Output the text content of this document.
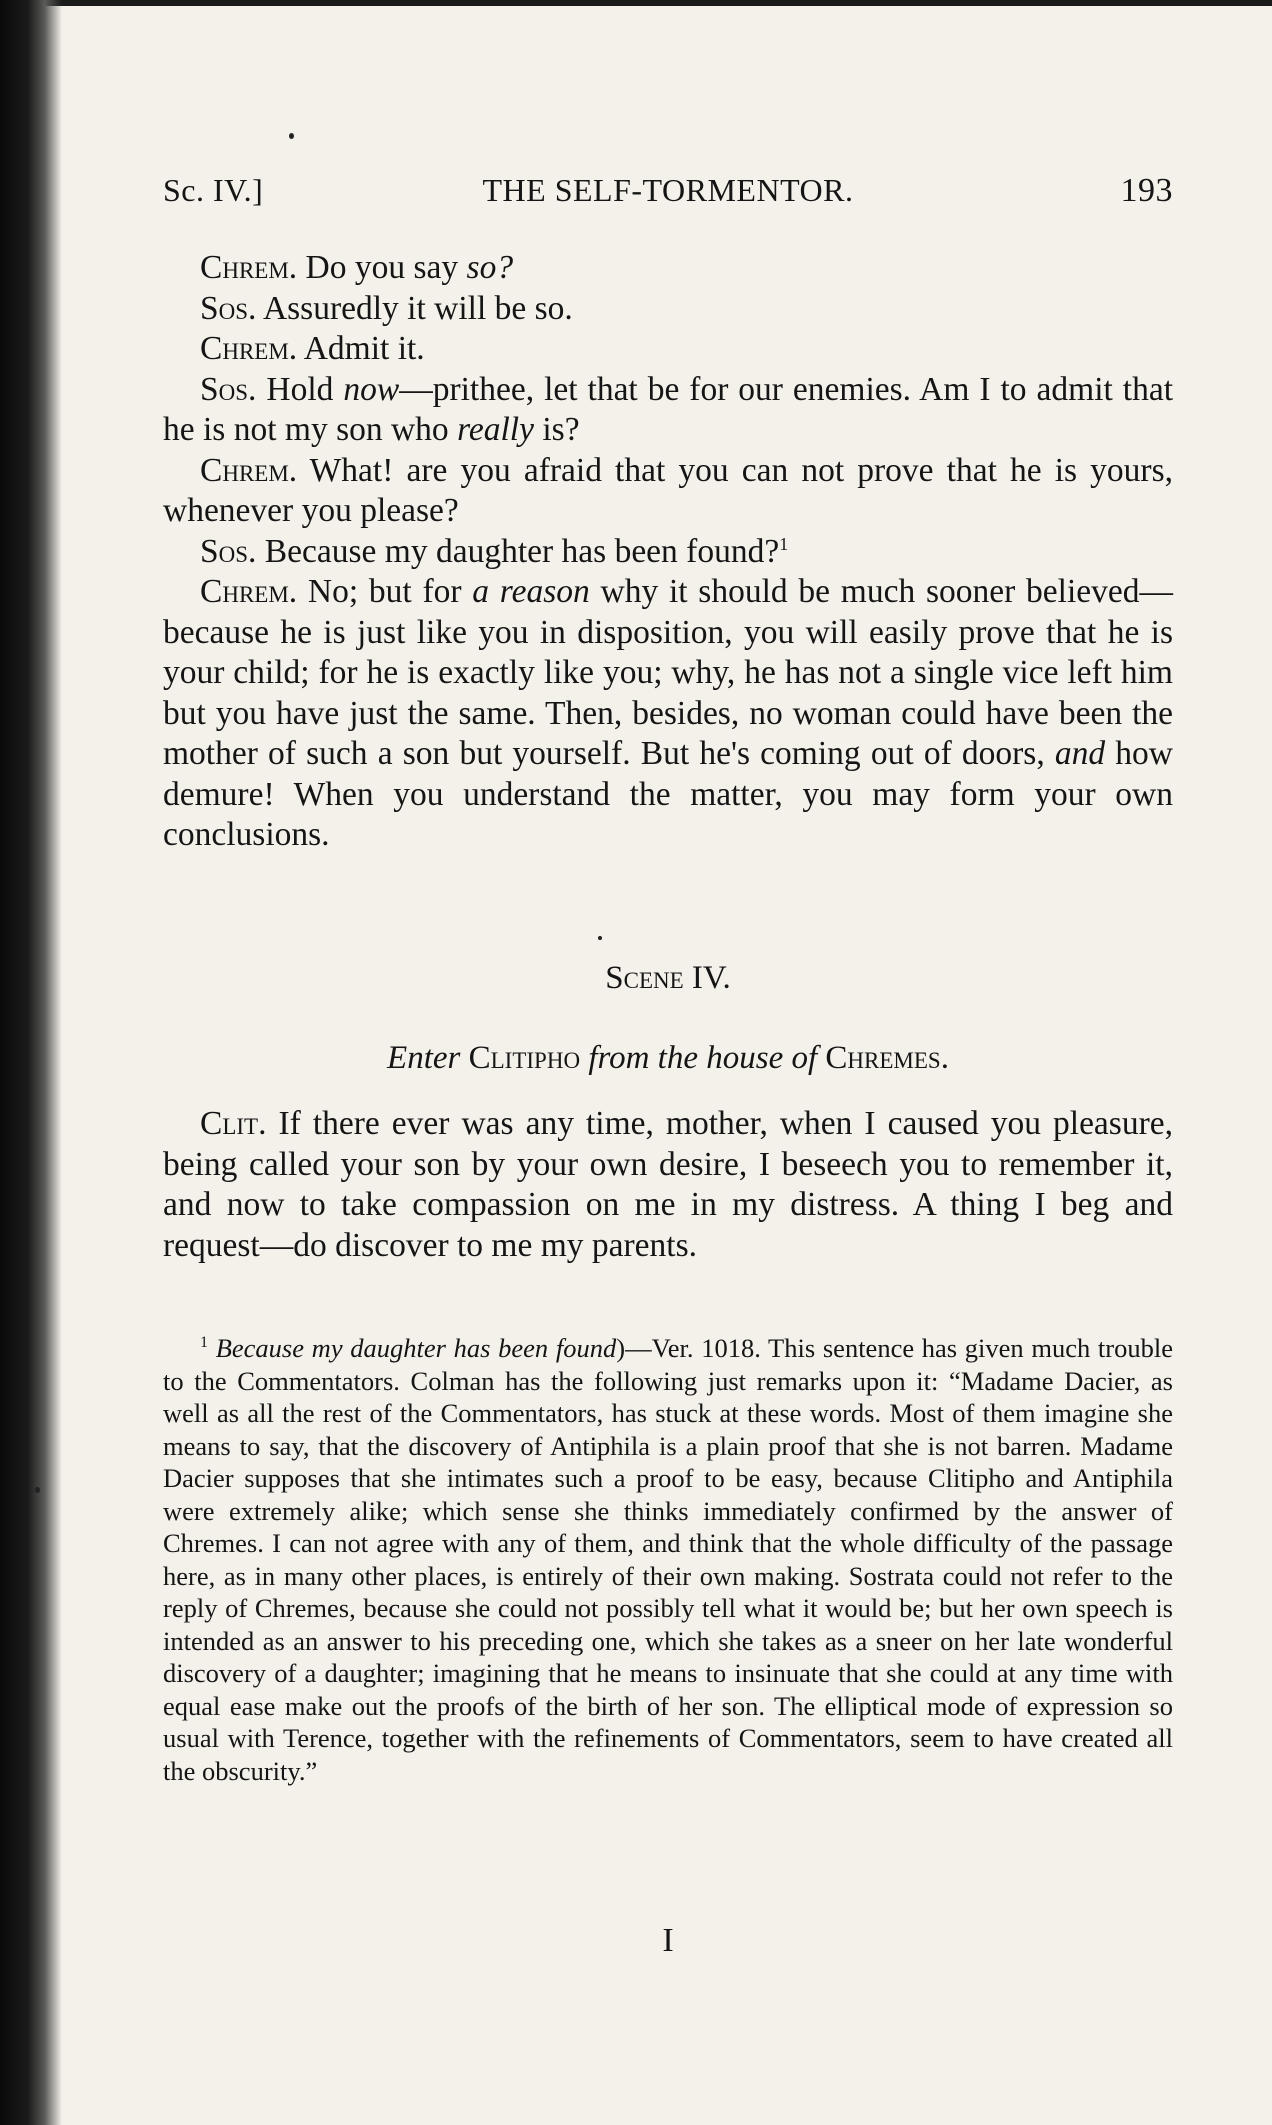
Sc. IV.]	THE SELF-TORMENTOR.	193

Chrem. Do you say so?

Sos. Assuredly it will be so.

Chrem. Admit it.

Sos. Hold now—prithee, let that be for our enemies. Am I to admit that he is not my son who really is?

Chrem. What! are you afraid that you can not prove that he is yours, whenever you please?

Sos. Because my daughter has been found?$^1$

Chrem. No; but for a reason why it should be much sooner believed—because he is just like you in disposition, you will easily prove that he is your child; for he is exactly like you; why, he has not a single vice left him but you have just the same. Then, besides, no woman could have been the mother of such a son but yourself. But he's coming out of doors, and how demure! When you understand the matter, you may form your own conclusions.

Scene IV.
Enter Clitipho from the house of Chremes.

Clit. If there ever was any time, mother, when I caused you pleasure, being called your son by your own desire, I beseech you to remember it, and now to take compassion on me in my distress. A thing I beg and request—do discover to me my parents.

$^1$ Because my daughter has been found)—Ver. 1018. This sentence has given much trouble to the Commentators. Colman has the following just remarks upon it: “Madame Dacier, as well as all the rest of the Commentators, has stuck at these words. Most of them imagine she means to say, that the discovery of Antiphila is a plain proof that she is not barren. Madame Dacier supposes that she intimates such a proof to be easy, because Clitipho and Antiphila were extremely alike; which sense she thinks immediately confirmed by the answer of Chremes. I can not agree with any of them, and think that the whole difficulty of the passage here, as in many other places, is entirely of their own making. Sostrata could not refer to the reply of Chremes, because she could not possibly tell what it would be; but her own speech is intended as an answer to his preceding one, which she takes as a sneer on her late wonderful discovery of a daughter; imagining that he means to insinuate that she could at any time with equal ease make out the proofs of the birth of her son. The elliptical mode of expression so usual with Terence, together with the refinements of Commentators, seem to have created all the obscurity.”

I
